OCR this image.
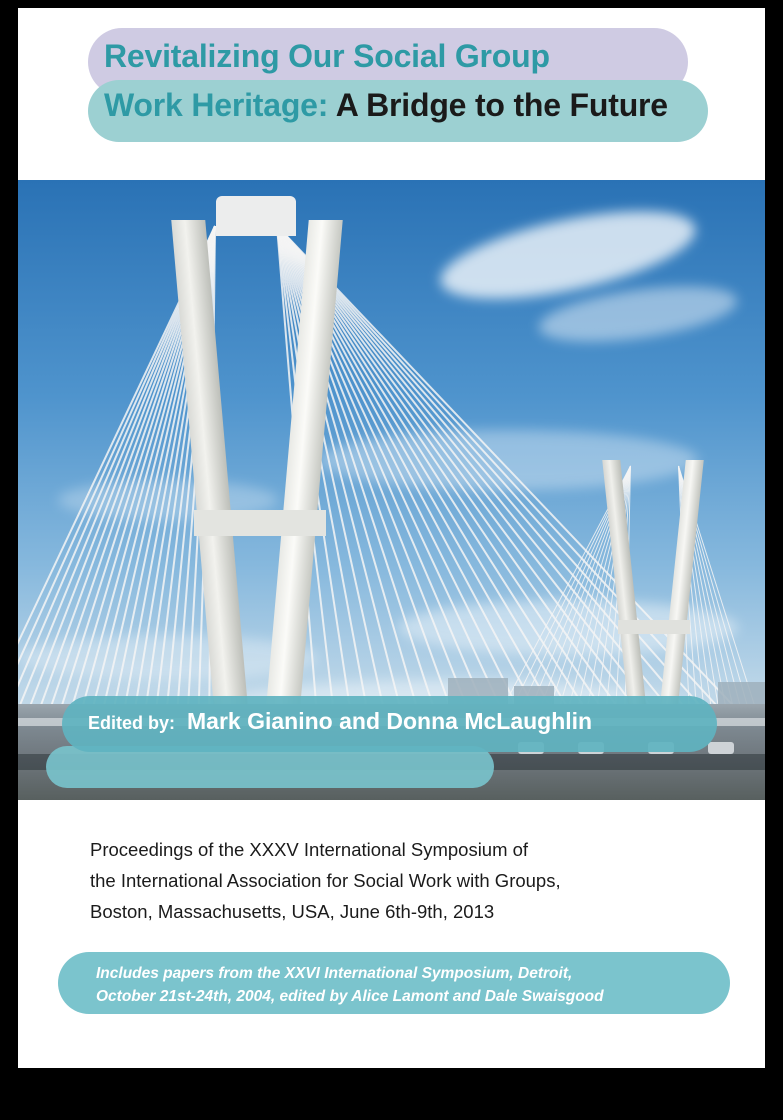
Revitalizing Our Social Group
Work Heritage: A Bridge to the Future
Edited by: Mark Gianino and Donna McLaughlin
Proceedings of the XXXV International Symposium of
the International Association for Social Work with Groups,
Boston, Massachusetts, USA, June 6th-9th, 2013
Includes papers from the XXVI International Symposium, Detroit,
October 21st-24th, 2004, edited by Alice Lamont and Dale Swaisgood
